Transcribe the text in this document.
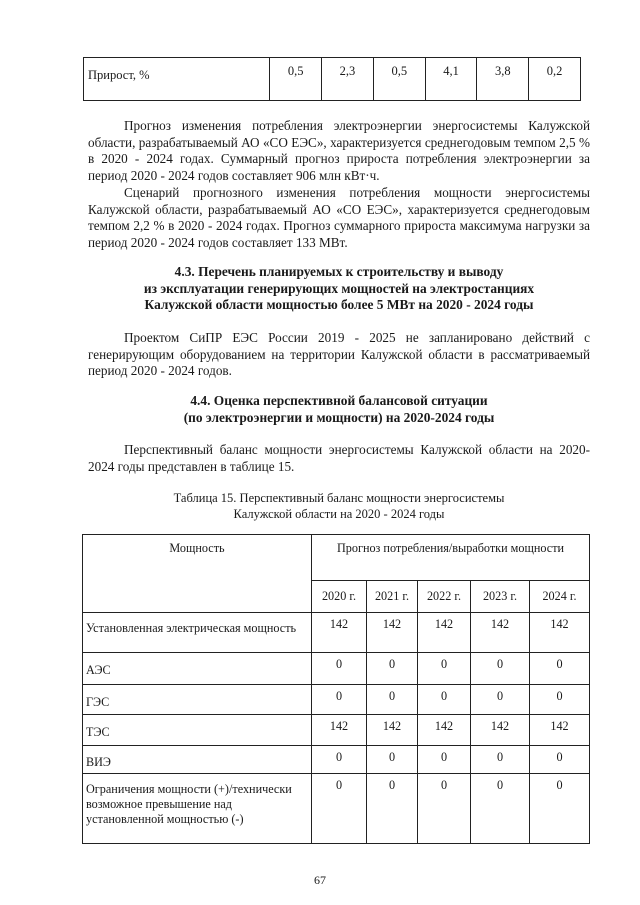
Прирост, %	0,5	2,3	0,5	4,1	3,8	0,2

Прогноз изменения потребления электроэнергии энергосистемы Калужской области, разрабатываемый АО «СО ЕЭС», характеризуется среднегодовым темпом 2,5 % в 2020 - 2024 годах. Суммарный прогноз прироста потребления электроэнергии за период 2020 - 2024 годов составляет 906 млн кВт·ч.

Сценарий прогнозного изменения потребления мощности энергосистемы Калужской области, разрабатываемый АО «СО ЕЭС», характеризуется среднегодовым темпом 2,2 % в 2020 - 2024 годах. Прогноз суммарного прироста максимума нагрузки за период 2020 - 2024 годов составляет 133 МВт.

4.3. Перечень планируемых к строительству и выводу
из эксплуатации генерирующих мощностей на электростанциях
Калужской области мощностью более 5 МВт на 2020 - 2024 годы

Проектом СиПР ЕЭС России 2019 - 2025 не запланировано действий с генерирующим оборудованием на территории Калужской области в рассматриваемый период 2020 - 2024 годов.

4.4. Оценка перспективной балансовой ситуации
(по электроэнергии и мощности) на 2020-2024 годы

Перспективный баланс мощности энергосистемы Калужской области на 2020-2024 годы представлен в таблице 15.

Таблица 15. Перспективный баланс мощности энергосистемы
Калужской области на 2020 - 2024 годы
Мощность	Прогноз потребления/выработки мощности				
	2020 г.	2021 г.	2022 г.	2023 г.	2024 г.
Установленная электрическая мощность	142	142	142	142	142
АЭС	0	0	0	0	0
ГЭС	0	0	0	0	0
ТЭС	142	142	142	142	142
ВИЭ	0	0	0	0	0
Ограничения мощности (+)/технически возможное превышение над установленной мощностью (-)	0	0	0	0	0
67
